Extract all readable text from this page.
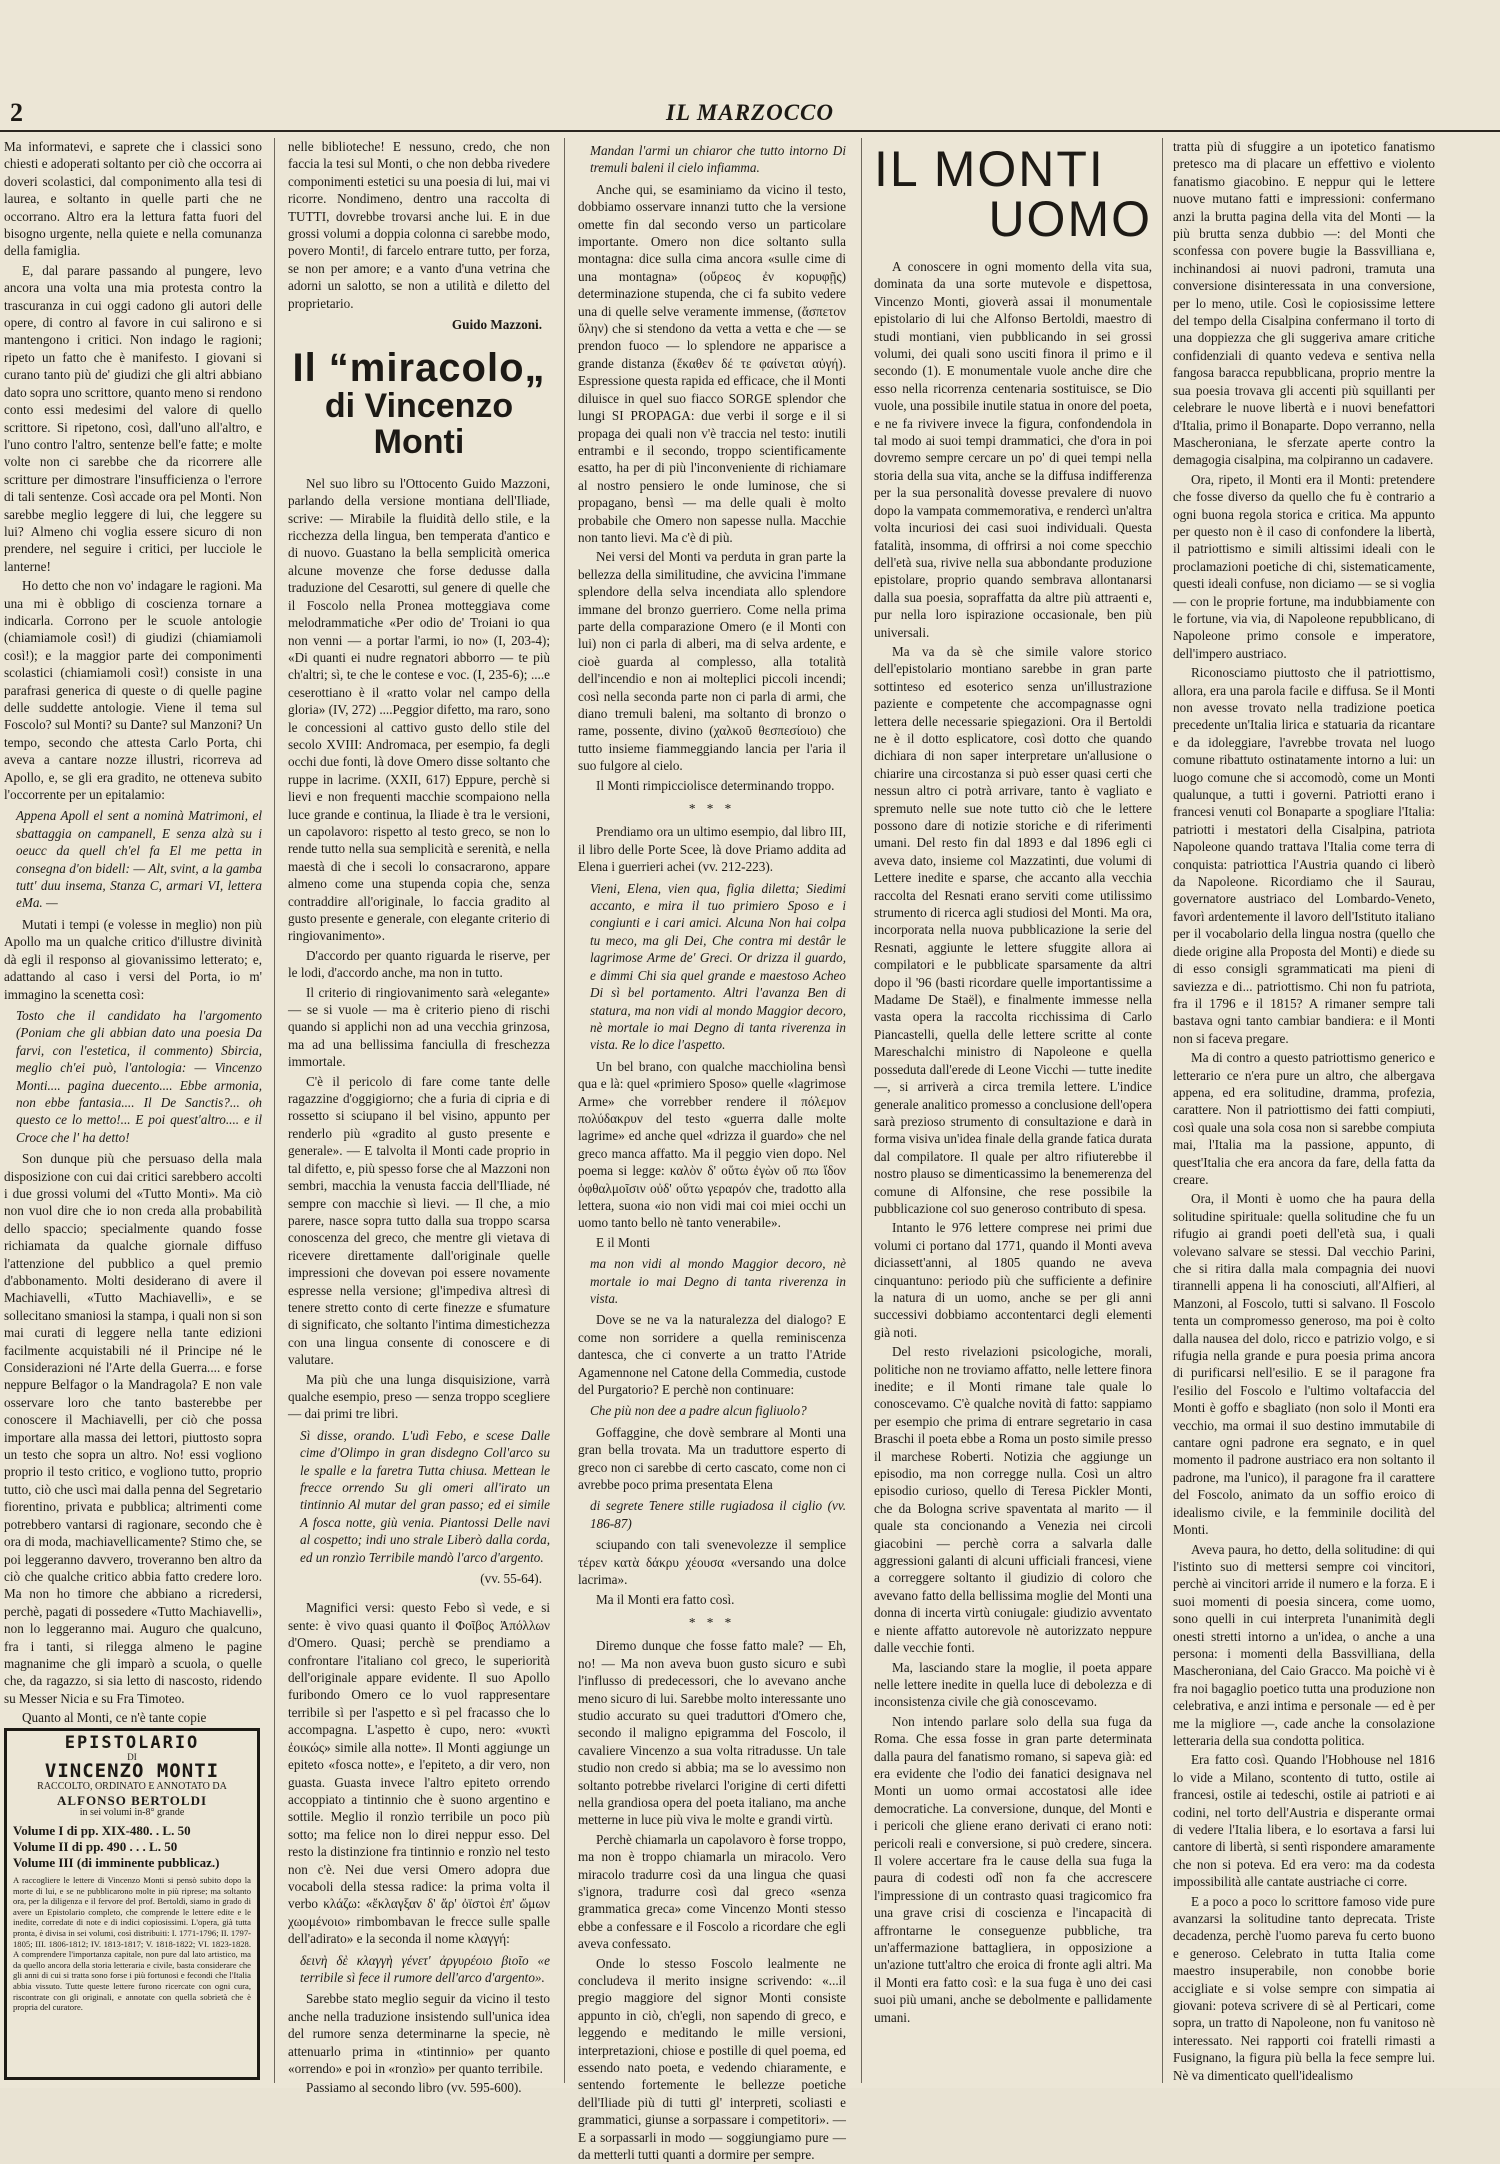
2	IL MARZOCCO

Ma informatevi, e saprete che i classici sono chiesti e adoperati soltanto per ciò che occorra ai doveri scolastici, dal componimento alla tesi di laurea, e soltanto in quelle parti che ne occorrano. Altro era la lettura fatta fuori del bisogno urgente, nella quiete e nella comunanza della famiglia.

E, dal parare passando al pungere, levo ancora una volta una mia protesta contro la trascuranza in cui oggi cadono gli autori delle opere, di contro al favore in cui salirono e si mantengono i critici. Non indago le ragioni; ripeto un fatto che è manifesto. I giovani si curano tanto più de' giudizi che gli altri abbiano dato sopra uno scrittore, quanto meno si rendono conto essi medesimi del valore di quello scrittore. Si ripetono, così, dall'uno all'altro, e l'uno contro l'altro, sentenze bell'e fatte; e molte volte non ci sarebbe che da ricorrere alle scritture per dimostrare l'insufficienza o l'errore di tali sentenze. Così accade ora pel Monti. Non sarebbe meglio leggere di lui, che leggere su lui? Almeno chi voglia essere sicuro di non prendere, nel seguire i critici, per lucciole le lanterne!

Ho detto che non vo' indagare le ragioni. Ma una mi è obbligo di coscienza tornare a indicarla. Corrono per le scuole antologie (chiamiamole così!) di giudizi (chiamiamoli così!); e la maggior parte dei componimenti scolastici (chiamiamoli così!) consiste in una parafrasi generica di queste o di quelle pagine delle suddette antologie. Viene il tema sul Foscolo? sul Monti? su Dante? sul Manzoni? Un tempo, secondo che attesta Carlo Porta, chi aveva a cantare nozze illustri, ricorreva ad Apollo, e, se gli era gradito, ne otteneva subito l'occorrente per un epitalamio:

Appena Apoll el sent a nominà Matrimoni, el sbattaggia on campanell, E senza alzà su i oeucc da quell ch'el fa El me petta in consegna d'on bidell: — Alt, svint, a la gamba tutt' duu insema, Stanza C, armari VI, lettera eMa. —

Mutati i tempi (e volesse in meglio) non più Apollo ma un qualche critico d'illustre divinità dà egli il responso al giovanissimo letterato; e, adattando al caso i versi del Porta, io m' immagino la scenetta così:

Tosto che il candidato ha l'argomento (Poniam che gli abbian dato una poesia Da farvi, con l'estetica, il commento) Sbircia, meglio ch'ei può, l'antologia: — Vincenzo Monti.... pagina duecento.... Ebbe armonia, non ebbe fantasia.... Il De Sanctis?... oh questo ce lo metto!... E poi quest'altro.... e il Croce che l' ha detto!

Son dunque più che persuaso della mala disposizione con cui dai critici sarebbero accolti i due grossi volumi del «Tutto Monti». Ma ciò non vuol dire che io non creda alla probabilità dello spaccio; specialmente quando fosse richiamata da qualche giornale diffuso l'attenzione del pubblico a quel premio d'abbonamento. Molti desiderano di avere il Machiavelli, «Tutto Machiavelli», e se sollecitano smaniosi la stampa, i quali non si son mai curati di leggere nella tante edizioni facilmente acquistabili né il Principe né le Considerazioni né l'Arte della Guerra.... e forse neppure Belfagor o la Mandragola? E non vale osservare loro che tanto basterebbe per conoscere il Machiavelli, per ciò che possa importare alla massa dei lettori, piuttosto sopra un testo che sopra un altro. No! essi vogliono proprio il testo critico, e vogliono tutto, proprio tutto, ciò che uscì mai dalla penna del Segretario fiorentino, privata e pubblica; altrimenti come potrebbero vantarsi di ragionare, secondo che è ora di moda, machiavellicamente? Stimo che, se poi leggeranno davvero, troveranno ben altro da ciò che qualche critico abbia fatto credere loro. Ma non ho timore che abbiano a ricredersi, perchè, pagati di possedere «Tutto Machiavelli», non lo leggeranno mai. Auguro che qualcuno, fra i tanti, si rilegga almeno le pagine magnanime che gli imparò a scuola, o quelle che, da ragazzo, si sia letto di nascosto, ridendo su Messer Nicia e su Fra Timoteo.

Quanto al Monti, ce n'è tante copie

EPISTOLARIO
DI
VINCENZO MONTI
RACCOLTO, ORDINATO E ANNOTATO DA
ALFONSO BERTOLDI
in sei volumi in-8° grande
Volume I di pp. XIX-480. . L. 50
Volume II di pp. 490 . . . L. 50
Volume III (di imminente pubblicaz.)
A raccogliere le lettere di Vincenzo Monti si pensò subito dopo la morte di lui, e se ne pubblicarono molte in più riprese; ma soltanto ora, per la diligenza e il fervore del prof. Bertoldi, siamo in grado di avere un Epistolario completo, che comprende le lettere edite e le inedite, corredate di note e di indici copiosissimi. L'opera, già tutta pronta, è divisa in sei volumi, così distribuiti: I. 1771-1796; II. 1797-1805; III. 1806-1812; IV. 1813-1817; V. 1818-1822; VI. 1823-1828. A comprendere l'importanza capitale, non pure dal lato artistico, ma da quello ancora della storia letteraria e civile, basta considerare che gli anni di cui si tratta sono forse i più fortunosi e fecondi che l'Italia abbia vissuto. Tutte queste lettere furono ricercate con ogni cura, riscontrate con gli originali, e annotate con quella sobrietà che è propria del curatore.

nelle biblioteche! E nessuno, credo, che non faccia la tesi sul Monti, o che non debba rivedere componimenti estetici su una poesia di lui, mai vi ricorre. Nondimeno, dentro una raccolta di TUTTI, dovrebbe trovarsi anche lui. E in due grossi volumi a doppia colonna ci sarebbe modo, povero Monti!, di farcelo entrare tutto, per forza, se non per amore; e a vanto d'una vetrina che adorni un salotto, se non a utilità e diletto del proprietario.

Guido Mazzoni.
Il “miracolo„
di Vincenzo Monti

Nel suo libro su l'Ottocento Guido Mazzoni, parlando della versione montiana dell'Iliade, scrive: — Mirabile la fluidità dello stile, e la ricchezza della lingua, ben temperata d'antico e di nuovo. Guastano la bella semplicità omerica alcune movenze che forse dedusse dalla traduzione del Cesarotti, sul genere di quelle che il Foscolo nella Pronea motteggiava come melodrammatiche «Per odio de' Troiani io qua non venni — a portar l'armi, io no» (I, 203-4); «Di quanti ei nudre regnatori abborro — te più ch'altri; sì, te che le contese e voc. (I, 235-6); ....e ceserottiano è il «ratto volar nel campo della gloria» (IV, 272) ....Peggior difetto, ma raro, sono le concessioni al cattivo gusto dello stile del secolo XVIII: Andromaca, per esempio, fa degli occhi due fonti, là dove Omero disse soltanto che ruppe in lacrime. (XXII, 617) Eppure, perchè si lievi e non frequenti macchie scompaiono nella luce grande e continua, la Iliade è tra le versioni, un capolavoro: rispetto al testo greco, se non lo rende tutto nella sua semplicità e serenità, e nella maestà di che i secoli lo consacrarono, appare almeno come una stupenda copia che, senza contraddire all'originale, lo faccia gradito al gusto presente e generale, con elegante criterio di ringiovanimento».

D'accordo per quanto riguarda le riserve, per le lodi, d'accordo anche, ma non in tutto.

Il criterio di ringiovanimento sarà «elegante» — se si vuole — ma è criterio pieno di rischi quando si applichi non ad una vecchia grinzosa, ma ad una bellissima fanciulla di freschezza immortale.

C'è il pericolo di fare come tante delle ragazzine d'oggigiorno; che a furia di cipria e di rossetto si sciupano il bel visino, appunto per renderlo più «gradito al gusto presente e generale». — E talvolta il Monti cade proprio in tal difetto, e, più spesso forse che al Mazzoni non sembri, macchia la venusta faccia dell'Iliade, né sempre con macchie sì lievi. — Il che, a mio parere, nasce sopra tutto dalla sua troppo scarsa conoscenza del greco, che mentre gli vietava di ricevere direttamente dall'originale quelle impressioni che dovevan poi essere novamente espresse nella versione; gl'impediva altresì di tenere stretto conto di certe finezze e sfumature di significato, che soltanto l'intima dimestichezza con una lingua consente di conoscere e di valutare.

Ma più che una lunga disquisizione, varrà qualche esempio, preso — senza troppo scegliere — dai primi tre libri.

Sì disse, orando. L'udì Febo, e scese Dalle cime d'Olimpo in gran disdegno Coll'arco su le spalle e la faretra Tutta chiusa. Mettean le frecce orrendo Su gli omeri all'irato un tintinnio Al mutar del gran passo; ed ei simile A fosca notte, giù venia. Piantossi Delle navi al cospetto; indi uno strale Liberò dalla corda, ed un ronzìo Terribile mandò l'arco d'argento.

(vv. 55-64).

Magnifici versi: questo Febo sì vede, e si sente: è vivo quasi quanto il Φοῖβος Ἀπόλλων d'Omero. Quasi; perchè se prendiamo a confrontare l'italiano col greco, le superiorità dell'originale appare evidente. Il suo Apollo furibondo Omero ce lo vuol rappresentare terribile sì per l'aspetto e sì pel fracasso che lo accompagna. L'aspetto è cupo, nero: «νυκτὶ ἐοικώς» simile alla notte». Il Monti aggiunge un epiteto «fosca notte», e l'epiteto, a dir vero, non guasta. Guasta invece l'altro epiteto orrendo accoppiato a tintinnio che è suono argentino e sottile. Meglio il ronzìo terribile un poco più sotto; ma felice non lo direi neppur esso. Del resto la distinzione fra tintinnio e ronzìo nel testo non c'è. Nei due versi Omero adopra due vocaboli della stessa radice: la prima volta il verbo κλάζω: «ἔκλαγξαν δ' ἄρ' ὀϊστοὶ ἐπ' ὤμων χωομένοιο» rimbombavan le frecce sulle spalle dell'adirato» e la seconda il nome κλαγγή:

δεινὴ δὲ κλαγγὴ γένετ' ἀργυρέοιο βιοῖο «e terribile sì fece il rumore dell'arco d'argento».

Sarebbe stato meglio seguir da vicino il testo anche nella traduzione insistendo sull'unica idea del rumore senza determinarne la specie, nè attenuarlo prima in «tintinnio» per quanto «orrendo» e poi in «ronzìo» per quanto terribile.

Passiamo al secondo libro (vv. 595-600).

Mandan l'armi un chiaror che tutto intorno Di tremuli baleni il cielo infiamma.

Anche qui, se esaminiamo da vicino il testo, dobbiamo osservare innanzi tutto che la versione omette fin dal secondo verso un particolare importante. Omero non dice soltanto sulla montagna: dice sulla cima ancora «sulle cime di una montagna» (οὔρεος ἐν κορυφῇς) determinazione stupenda, che ci fa subito vedere una di quelle selve veramente immense, (ἄσπετον ὕλην) che si stendono da vetta a vetta e che — se prendon fuoco — lo splendore ne apparisce a grande distanza (ἕκαθεν δέ τε φαίνεται αὐγή). Espressione questa rapida ed efficace, che il Monti diluisce in quel suo fiacco SORGE splendor che lungi SI PROPAGA: due verbi il sorge e il si propaga dei quali non v'è traccia nel testo: inutili entrambi e il secondo, troppo scientificamente esatto, ha per di più l'inconveniente di richiamare al nostro pensiero le onde luminose, che si propagano, bensì — ma delle quali è molto probabile che Omero non sapesse nulla. Macchie non tanto lievi. Ma c'è di più.

Nei versi del Monti va perduta in gran parte la bellezza della similitudine, che avvicina l'immane splendore della selva incendiata allo splendore immane del bronzo guerriero. Come nella prima parte della comparazione Omero (e il Monti con lui) non ci parla di alberi, ma di selva ardente, e cioè guarda al complesso, alla totalità dell'incendio e non ai molteplici piccoli incendi; così nella seconda parte non ci parla di armi, che diano tremuli baleni, ma soltanto di bronzo o rame, possente, divino (χαλκοῦ θεσπεσίοιο) che tutto insieme fiammeggiando lancia per l'aria il suo fulgore al cielo.

Il Monti rimpicciolisce determinando troppo.

* * *

Prendiamo ora un ultimo esempio, dal libro III, il libro delle Porte Scee, là dove Priamo addita ad Elena i guerrieri achei (vv. 212-223).

Vieni, Elena, vien qua, figlia diletta; Siedimi accanto, e mira il tuo primiero Sposo e i congiunti e i cari amici. Alcuna Non hai colpa tu meco, ma gli Dei, Che contra mi destâr le lagrimose Arme de' Greci. Or drizza il guardo, e dimmi Chi sia quel grande e maestoso Acheo Di sì bel portamento. Altri l'avanza Ben di statura, ma non vidi al mondo Maggior decoro, nè mortale io mai Degno di tanta riverenza in vista. Re lo dice l'aspetto.

Un bel brano, con qualche macchiolina bensì qua e là: quel «primiero Sposo» quelle «lagrimose Arme» che vorrebber rendere il πόλεμον πολύδακρυν del testo «guerra dalle molte lagrime» ed anche quel «drizza il guardo» che nel greco manca affatto. Ma il peggio vien dopo. Nel poema si legge: καλὸν δ' οὕτω ἐγὼν οὔ πω ἴδον ὀφθαλμοῖσιν οὐδ' οὕτω γεραρόν che, tradotto alla lettera, suona «io non vidi mai coi miei occhi un uomo tanto bello nè tanto venerabile».

E il Monti

ma non vidi al mondo Maggior decoro, nè mortale io mai Degno di tanta riverenza in vista.

Dove se ne va la naturalezza del dialogo? E come non sorridere a quella reminiscenza dantesca, che ci converte a un tratto l'Atride Agamennone nel Catone della Commedia, custode del Purgatorio? E perchè non continuare:

Che più non dee a padre alcun figliuolo?

Goffaggine, che dovè sembrare al Monti una gran bella trovata. Ma un traduttore esperto di greco non ci sarebbe di certo cascato, come non ci avrebbe poco prima presentata Elena

di segrete Tenere stille rugiadosa il ciglio (vv. 186-87)

sciupando con tali svenevolezze il semplice τέρεν κατὰ δάκρυ χέουσα «versando una dolce lacrima».

Ma il Monti era fatto così.

* * *

Diremo dunque che fosse fatto male? — Eh, no! — Ma non aveva buon gusto sicuro e subì l'influsso di predecessori, che lo avevano anche meno sicuro di lui. Sarebbe molto interessante uno studio accurato su quei traduttori d'Omero che, secondo il maligno epigramma del Foscolo, il cavaliere Vincenzo a sua volta ritradusse. Un tale studio non credo si abbia; ma se lo avessimo non soltanto potrebbe rivelarci l'origine di certi difetti nella grandiosa opera del poeta italiano, ma anche metterne in luce più viva le molte e grandi virtù.

Perchè chiamarla un capolavoro è forse troppo, ma non è troppo chiamarla un miracolo. Vero miracolo tradurre così da una lingua che quasi s'ignora, tradurre così dal greco «senza grammatica greca» come Vincenzo Monti stesso ebbe a confessare e il Foscolo a ricordare che egli aveva confessato.

Onde lo stesso Foscolo lealmente ne concludeva il merito insigne scrivendo: «...il pregio maggiore del signor Monti consiste appunto in ciò, ch'egli, non sapendo di greco, e leggendo e meditando le mille versioni, interpretazioni, chiose e postille di quel poema, ed essendo nato poeta, e vedendo chiaramente, e sentendo fortemente le bellezze poetiche dell'Iliade più di tutti gl' interpreti, scoliasti e grammatici, giunse a sorpassare i competitori». — E a sorpassarli in modo — soggiungiamo pure — da metterli tutti quanti a dormire per sempre.

IL MONTI
UOMO

A conoscere in ogni momento della vita sua, dominata da una sorte mutevole e dispettosa, Vincenzo Monti, gioverà assai il monumentale epistolario di lui che Alfonso Bertoldi, maestro di studi montiani, vien pubblicando in sei grossi volumi, dei quali sono usciti finora il primo e il secondo (1). E monumentale vuole anche dire che esso nella ricorrenza centenaria sostituisce, se Dio vuole, una possibile inutile statua in onore del poeta, e ne fa rivivere invece la figura, confondendola in tal modo ai suoi tempi drammatici, che d'ora in poi dovremo sempre cercare un po' di quei tempi nella storia della sua vita, anche se la diffusa indifferenza per la sua personalità dovesse prevalere di nuovo dopo la vampata commemorativa, e rendercì un'altra volta incuriosi dei casi suoi individuali. Questa fatalità, insomma, di offrirsi a noi come specchio dell'età sua, rivive nella sua abbondante produzione epistolare, proprio quando sembrava allontanarsi dalla sua poesia, sopraffatta da altre più attraenti e, pur nella loro ispirazione occasionale, ben più universali.

Ma va da sè che simile valore storico dell'epistolario montiano sarebbe in gran parte sottinteso ed esoterico senza un'illustrazione paziente e competente che accompagnasse ogni lettera delle necessarie spiegazioni. Ora il Bertoldi ne è il dotto esplicatore, così dotto che quando dichiara di non saper interpretare un'allusione o chiarire una circostanza si può esser quasi certi che nessun altro ci potrà arrivare, tanto è vagliato e spremuto nelle sue note tutto ciò che le lettere possono dare di notizie storiche e di riferimenti umani. Del resto fin dal 1893 e dal 1896 egli ci aveva dato, insieme col Mazzatinti, due volumi di Lettere inedite e sparse, che accanto alla vecchia raccolta del Resnati erano serviti come utilissimo strumento di ricerca agli studiosi del Monti. Ma ora, incorporata nella nuova pubblicazione la serie del Resnati, aggiunte le lettere sfuggite allora ai compilatori e le pubblicate sparsamente da altri dopo il '96 (basti ricordare quelle importantissime a Madame De Staël), e finalmente immesse nella vasta opera la raccolta ricchissima di Carlo Piancastelli, quella delle lettere scritte al conte Mareschalchi ministro di Napoleone e quella posseduta dall'erede di Leone Vicchi — tutte inedite —, si arriverà a circa tremila lettere. L'indice generale analitico promesso a conclusione dell'opera sarà prezioso strumento di consultazione e darà in forma visiva un'idea finale della grande fatica durata dal compilatore. Il quale per altro rifiuterebbe il nostro plauso se dimenticassimo la benemerenza del comune di Alfonsine, che rese possibile la pubblicazione col suo generoso contributo di spesa.

Intanto le 976 lettere comprese nei primi due volumi ci portano dal 1771, quando il Monti aveva diciassett'anni, al 1805 quando ne aveva cinquantuno: periodo più che sufficiente a definire la natura di un uomo, anche se per gli anni successivi dobbiamo accontentarci degli elementi già noti.

Del resto rivelazioni psicologiche, morali, politiche non ne troviamo affatto, nelle lettere finora inedite; e il Monti rimane tale quale lo conoscevamo. C'è qualche novità di fatto: sappiamo per esempio che prima di entrare segretario in casa Braschi il poeta ebbe a Roma un posto simile presso il marchese Roberti. Notizia che aggiunge un episodio, ma non corregge nulla. Così un altro episodio curioso, quello di Teresa Pickler Monti, che da Bologna scrive spaventata al marito — il quale sta concionando a Venezia nei circoli giacobini — perchè corra a salvarla dalle aggressioni galanti di alcuni ufficiali francesi, viene a correggere soltanto il giudizio di coloro che avevano fatto della bellissima moglie del Monti una donna di incerta virtù coniugale: giudizio avventato e niente affatto autorevole nè autorizzato neppure dalle vecchie fonti.

Ma, lasciando stare la moglie, il poeta appare nelle lettere inedite in quella luce di debolezza e di inconsistenza civile che già conoscevamo.

Non intendo parlare solo della sua fuga da Roma. Che essa fosse in gran parte determinata dalla paura del fanatismo romano, si sapeva già: ed era evidente che l'odio dei fanatici designava nel Monti un uomo ormai accostatosi alle idee democratiche. La conversione, dunque, del Monti e i pericoli che gliene erano derivati ci erano noti: pericoli reali e conversione, si può credere, sincera. Il volere accertare fra le cause della sua fuga la paura di codesti odî non fa che accrescere l'impressione di un contrasto quasi tragicomico fra una grave crisi di coscienza e l'incapacità di affrontarne le conseguenze pubbliche, tra un'affermazione battagliera, in opposizione a un'azione tutt'altro che eroica di fronte agli altri. Ma il Monti era fatto così: e la sua fuga è uno dei casi suoi più umani, anche se debolmente e pallidamente umani.

tratta più di sfuggire a un ipotetico fanatismo pretesco ma di placare un effettivo e violento fanatismo giacobino. E neppur qui le lettere nuove mutano fatti e impressioni: confermano anzi la brutta pagina della vita del Monti — la più brutta senza dubbio —: del Monti che sconfessa con povere bugie la Bassvilliana e, inchinandosi ai nuovi padroni, tramuta una conversione disinteressata in una conversione, per lo meno, utile. Così le copiosissime lettere del tempo della Cisalpina confermano il torto di una doppiezza che gli suggeriva amare critiche confidenziali di quanto vedeva e sentiva nella fangosa baracca repubblicana, proprio mentre la sua poesia trovava gli accenti più squillanti per celebrare le nuove libertà e i nuovi benefattori d'Italia, primo il Bonaparte. Dopo verranno, nella Mascheroniana, le sferzate aperte contro la demagogia cisalpina, ma colpiranno un cadavere.

Ora, ripeto, il Monti era il Monti: pretendere che fosse diverso da quello che fu è contrario a ogni buona regola storica e critica. Ma appunto per questo non è il caso di confondere la libertà, il patriottismo e simili altissimi ideali con le proclamazioni poetiche di chi, sistematicamente, questi ideali confuse, non diciamo — se si voglia — con le proprie fortune, ma indubbiamente con le fortune, via via, di Napoleone repubblicano, di Napoleone primo console e imperatore, dell'impero austriaco.

Riconosciamo piuttosto che il patriottismo, allora, era una parola facile e diffusa. Se il Monti non avesse trovato nella tradizione poetica precedente un'Italia lirica e statuaria da ricantare e da idoleggiare, l'avrebbe trovata nel luogo comune ribattuto ostinatamente intorno a lui: un luogo comune che si accomodò, come un Monti qualunque, a tutti i governi. Patriotti erano i francesi venuti col Bonaparte a spogliare l'Italia: patriotti i mestatori della Cisalpina, patriota Napoleone quando trattava l'Italia come terra di conquista: patriottica l'Austria quando ci liberò da Napoleone. Ricordiamo che il Saurau, governatore austriaco del Lombardo-Veneto, favorì ardentemente il lavoro dell'Istituto italiano per il vocabolario della lingua nostra (quello che diede origine alla Proposta del Monti) e diede su di esso consigli sgrammaticati ma pieni di saviezza e di... patriottismo. Chi non fu patriota, fra il 1796 e il 1815? A rimaner sempre tali bastava ogni tanto cambiar bandiera: e il Monti non si faceva pregare.

Ma di contro a questo patriottismo generico e letterario ce n'era pure un altro, che albergava appena, ed era solitudine, dramma, profezia, carattere. Non il patriottismo dei fatti compiuti, così quale una sola cosa non si sarebbe compiuta mai, l'Italia ma la passione, appunto, di quest'Italia che era ancora da fare, della fatta da creare.

Ora, il Monti è uomo che ha paura della solitudine spirituale: quella solitudine che fu un rifugio ai grandi poeti dell'età sua, i quali volevano salvare se stessi. Dal vecchio Parini, che si ritira dalla mala compagnia dei nuovi tirannelli appena li ha conosciuti, all'Alfieri, al Manzoni, al Foscolo, tutti si salvano. Il Foscolo tenta un compromesso generoso, ma poi è colto dalla nausea del dolo, ricco e patrizio volgo, e si rifugia nella grande e pura poesia prima ancora di purificarsi nell'esilio. E se il paragone fra l'esilio del Foscolo e l'ultimo voltafaccia del Monti è goffo e sbagliato (non solo il Monti era vecchio, ma ormai il suo destino immutabile di cantare ogni padrone era segnato, e in quel momento il padrone austriaco era non soltanto il padrone, ma l'unico), il paragone fra il carattere del Foscolo, animato da un soffio eroico di idealismo civile, e la femminile docilità del Monti.

Aveva paura, ho detto, della solitudine: di qui l'istinto suo di mettersi sempre coi vincitori, perchè ai vincitori arride il numero e la forza. E i suoi momenti di poesia sincera, come uomo, sono quelli in cui interpreta l'unanimità degli onesti stretti intorno a un'idea, o anche a una persona: i momenti della Bassvilliana, della Mascheroniana, del Caio Gracco. Ma poichè vi è fra noi bagaglio poetico tutta una produzione non celebrativa, e anzi intima e personale — ed è per me la migliore —, cade anche la consolazione letteraria della sua condotta politica.

Era fatto così. Quando l'Hobhouse nel 1816 lo vide a Milano, scontento di tutto, ostile ai francesi, ostile ai tedeschi, ostile ai patrioti e ai codini, nel torto dell'Austria e disperante ormai di vedere l'Italia libera, e lo esortava a farsi lui cantore di libertà, si sentì rispondere amaramente che non si poteva. Ed era vero: ma da codesta impossibilità alle cantate austriache ci corre.

E a poco a poco lo scrittore famoso vide pure avanzarsi la solitudine tanto deprecata. Triste decadenza, perchè l'uomo pareva fu certo buono e generoso. Celebrato in tutta Italia come maestro insuperabile, non conobbe borie accigliate e si volse sempre con simpatia ai giovani: poteva scrivere di sè al Perticari, come sopra, un tratto di Napoleone, non fu vanitoso nè interessato. Nei rapporti coi fratelli rimasti a Fusignano, la figura più bella la fece sempre lui. Nè va dimenticato quell'idealismo
